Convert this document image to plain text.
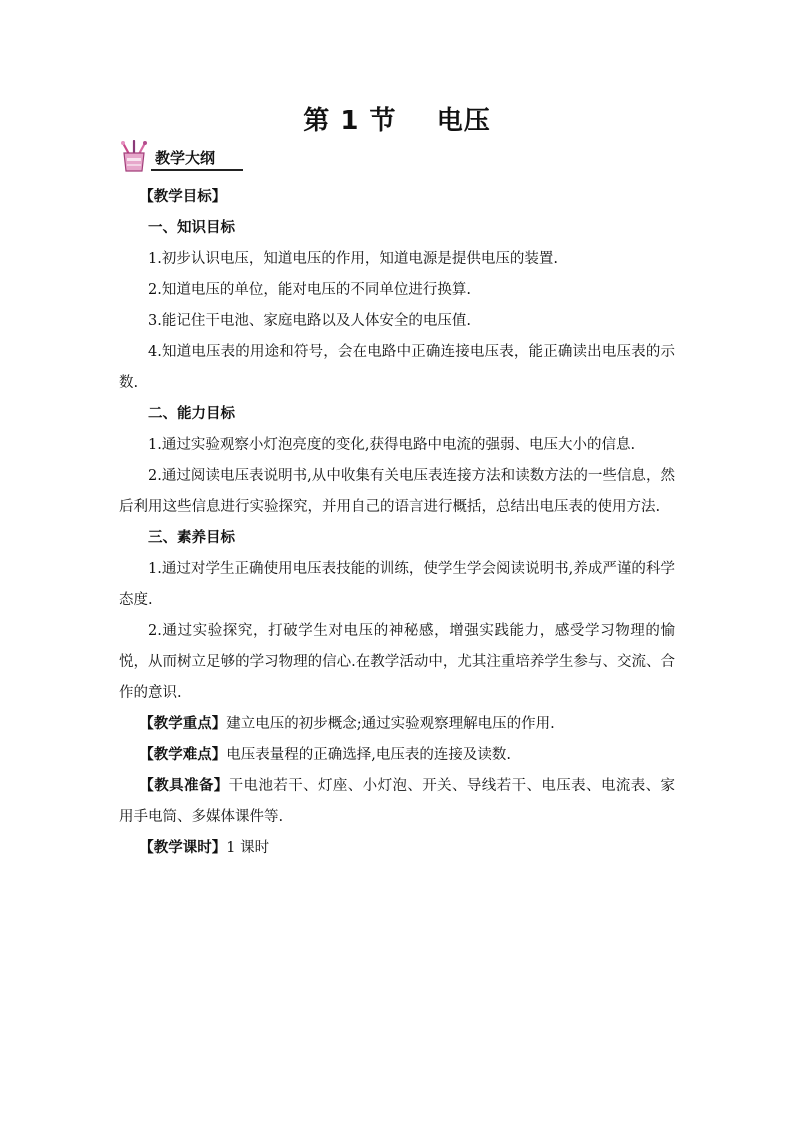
第 1 节    电压
教学大纲

【教学目标】

一、知识目标

1.初步认识电压，知道电压的作用，知道电源是提供电压的装置.

2.知道电压的单位，能对电压的不同单位进行换算.

3.能记住干电池、家庭电路以及人体安全的电压值.

4.知道电压表的用途和符号，会在电路中正确连接电压表，能正确读出电压表的示数.

二、能力目标

1.通过实验观察小灯泡亮度的变化,获得电路中电流的强弱、电压大小的信息.

2.通过阅读电压表说明书,从中收集有关电压表连接方法和读数方法的一些信息，然后利用这些信息进行实验探究，并用自己的语言进行概括，总结出电压表的使用方法.

三、素养目标

1.通过对学生正确使用电压表技能的训练，使学生学会阅读说明书,养成严谨的科学态度.

2.通过实验探究，打破学生对电压的神秘感，增强实践能力，感受学习物理的愉悦，从而树立足够的学习物理的信心.在教学活动中，尤其注重培养学生参与、交流、合作的意识.

【教学重点】建立电压的初步概念;通过实验观察理解电压的作用.

【教学难点】电压表量程的正确选择,电压表的连接及读数.

【教具准备】干电池若干、灯座、小灯泡、开关、导线若干、电压表、电流表、家用手电筒、多媒体课件等.

【教学课时】1 课时
